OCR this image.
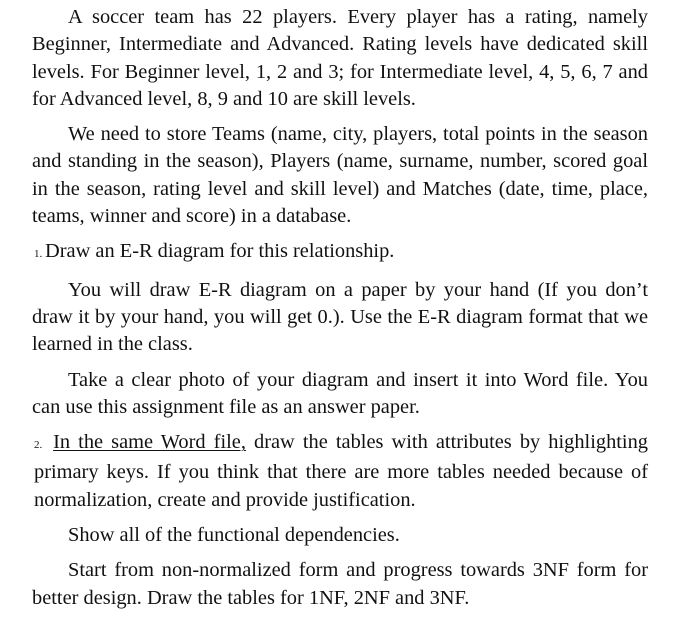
A soccer team has 22 players. Every player has a rating, namely Beginner, Intermediate and Advanced. Rating levels have dedicated skill levels. For Beginner level, 1, 2 and 3; for Intermediate level, 4, 5, 6, 7 and for Advanced level, 8, 9 and 10 are skill levels.

We need to store Teams (name, city, players, total points in the season and standing in the season), Players (name, surname, number, scored goal in the season, rating level and skill level) and Matches (date, time, place, teams, winner and score) in a database.

1. Draw an E-R diagram for this relationship.

You will draw E-R diagram on a paper by your hand (If you don’t draw it by your hand, you will get 0.). Use the E-R diagram format that we learned in the class.

Take a clear photo of your diagram and insert it into Word file. You can use this assignment file as an answer paper.

2. In the same Word file, draw the tables with attributes by highlighting primary keys. If you think that there are more tables needed because of normalization, create and provide justification.

Show all of the functional dependencies.

Start from non-normalized form and progress towards 3NF form for better design. Draw the tables for 1NF, 2NF and 3NF.
